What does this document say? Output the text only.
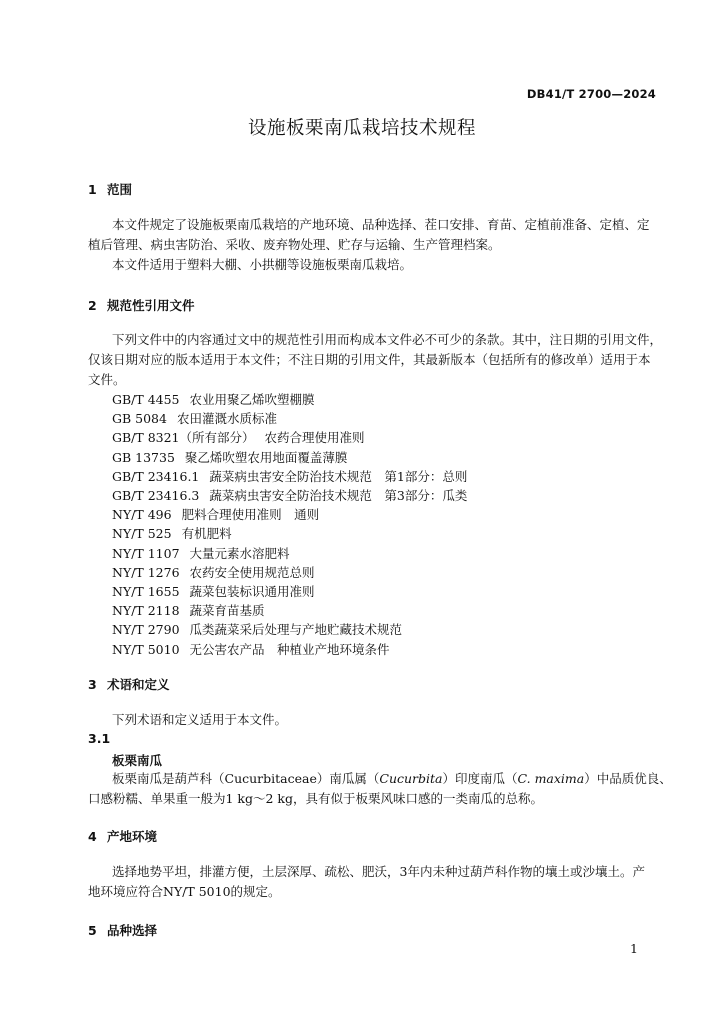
DB41/T 2700—2024
设施板栗南瓜栽培技术规程
1 范围
本文件规定了设施板栗南瓜栽培的产地环境、品种选择、茬口安排、育苗、定植前准备、定植、定
植后管理、病虫害防治、采收、废弃物处理、贮存与运输、生产管理档案。
本文件适用于塑料大棚、小拱棚等设施板栗南瓜栽培。
2 规范性引用文件
下列文件中的内容通过文中的规范性引用而构成本文件必不可少的条款。其中，注日期的引用文件，
仅该日期对应的版本适用于本文件；不注日期的引用文件，其最新版本（包括所有的修改单）适用于本
文件。
GB/T 4455 农业用聚乙烯吹塑棚膜
GB 5084 农田灌溉水质标准
GB/T 8321（所有部分） 农药合理使用准则
GB 13735 聚乙烯吹塑农用地面覆盖薄膜
GB/T 23416.1 蔬菜病虫害安全防治技术规范　第1部分：总则
GB/T 23416.3 蔬菜病虫害安全防治技术规范　第3部分：瓜类
NY/T 496 肥料合理使用准则　通则
NY/T 525 有机肥料
NY/T 1107 大量元素水溶肥料
NY/T 1276 农药安全使用规范总则
NY/T 1655 蔬菜包装标识通用准则
NY/T 2118 蔬菜育苗基质
NY/T 2790 瓜类蔬菜采后处理与产地贮藏技术规范
NY/T 5010 无公害农产品　种植业产地环境条件
3 术语和定义
下列术语和定义适用于本文件。
3.1
板栗南瓜
板栗南瓜是葫芦科（Cucurbitaceae）南瓜属（Cucurbita）印度南瓜（C. maxima）中品质优良、
口感粉糯、单果重一般为1 kg～2 kg，具有似于板栗风味口感的一类南瓜的总称。
4 产地环境
选择地势平坦，排灌方便，土层深厚、疏松、肥沃，3年内未种过葫芦科作物的壤土或沙壤土。产
地环境应符合NY/T 5010的规定。
5 品种选择
1
